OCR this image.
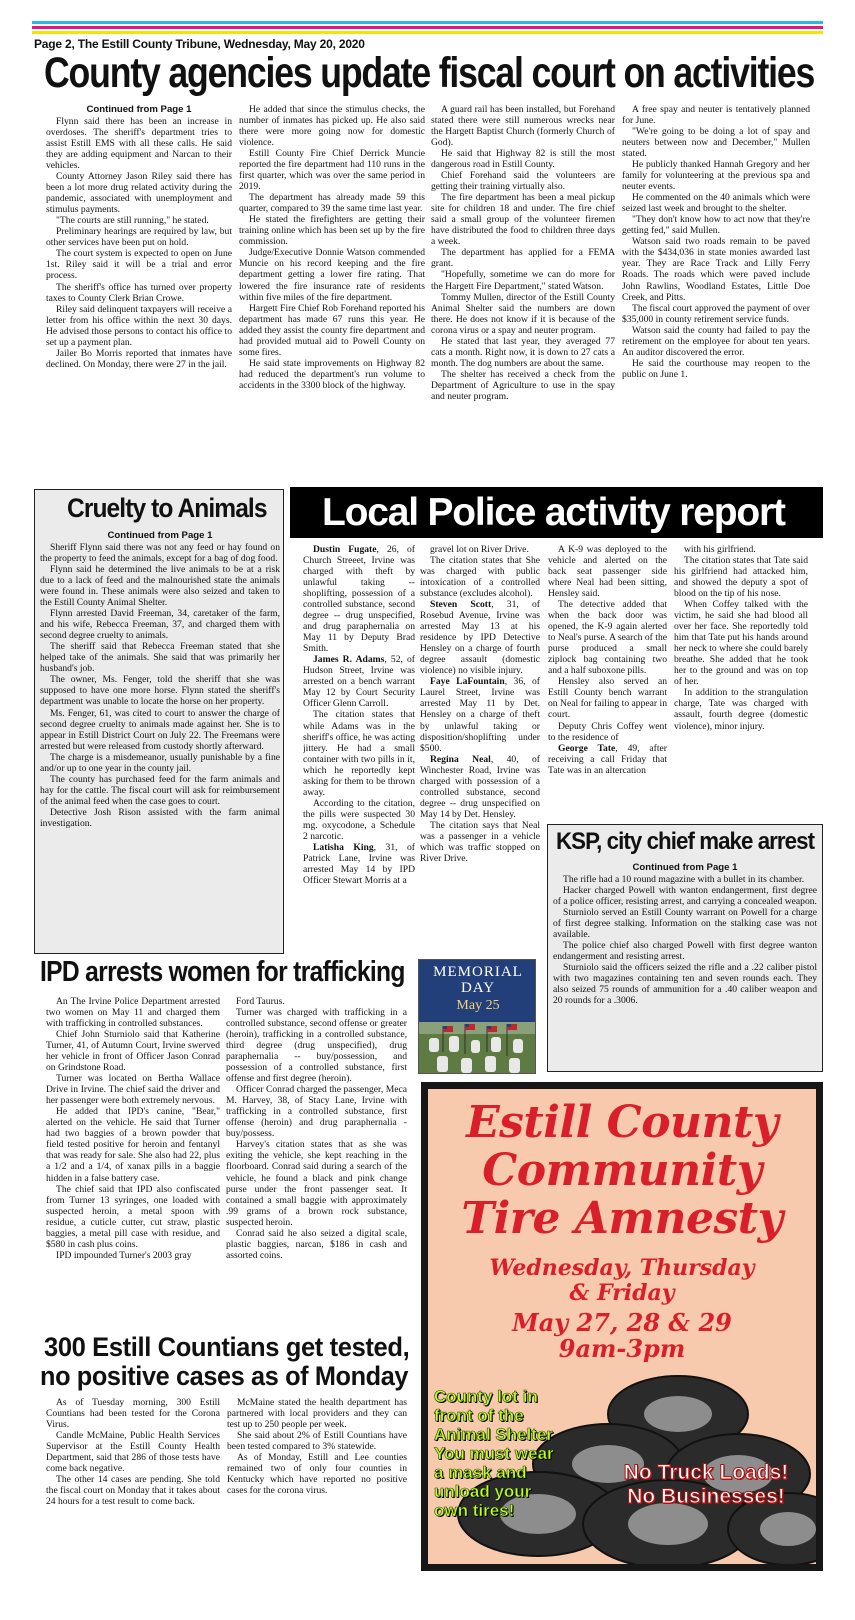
Page 2, The Estill County Tribune, Wednesday, May 20, 2020
County agencies update fiscal court on activities
Continued from Page 1

Flynn said there has been an increase in overdoses. The sheriff's department tries to assist Estill EMS with all these calls. He said they are adding equipment and Narcan to their vehicles.

County Attorney Jason Riley said there has been a lot more drug related activity during the pandemic, associated with unemployment and stimulus payments.

"The courts are still running," he stated.

Preliminary hearings are required by law, but other services have been put on hold.

The court system is expected to open on June 1st. Riley said it will be a trial and error process.

The sheriff's office has turned over property taxes to County Clerk Brian Crowe.

Riley said delinquent taxpayers will receive a letter from his office within the next 30 days. He advised those persons to contact his office to set up a payment plan.

Jailer Bo Morris reported that inmates have declined. On Monday, there were 27 in the jail.

He added that since the stimulus checks, the number of inmates has picked up. He also said there were more going now for domestic violence.

Estill County Fire Chief Derrick Muncie reported the fire department had 110 runs in the first quarter, which was over the same period in 2019.

The department has already made 59 this quarter, compared to 39 the same time last year.

He stated the firefighters are getting their training online which has been set up by the fire commission.

Judge/Executive Donnie Watson commended Muncie on his record keeping and the fire department getting a lower fire rating. That lowered the fire insurance rate of residents within five miles of the fire department.

Hargett Fire Chief Rob Forehand reported his department has made 67 runs this year. He added they assist the county fire department and had provided mutual aid to Powell County on some fires.

He said state improvements on Highway 82 had reduced the department's run volume to accidents in the 3300 block of the highway.

A guard rail has been installed, but Forehand stated there were still numerous wrecks near the Hargett Baptist Church (formerly Church of God).

He said that Highway 82 is still the most dangerous road in Estill County.

Chief Forehand said the volunteers are getting their training virtually also.

The fire department has been a meal pickup site for children 18 and under. The fire chief said a small group of the volunteer firemen have distributed the food to children three days a week.

The department has applied for a FEMA grant.

"Hopefully, sometime we can do more for the Hargett Fire Department," stated Watson.

Tommy Mullen, director of the Estill County Animal Shelter said the numbers are down there. He does not know if it is because of the corona virus or a spay and neuter program.

He stated that last year, they averaged 77 cats a month. Right now, it is down to 27 cats a month. The dog numbers are about the same.

The shelter has received a check from the Department of Agriculture to use in the spay and neuter program.

A free spay and neuter is tentatively planned for June.

"We're going to be doing a lot of spay and neuters between now and December," Mullen stated.

He publicly thanked Hannah Gregory and her family for volunteering at the previous spa and neuter events.

He commented on the 40 animals which were seized last week and brought to the shelter.

"They don't know how to act now that they're getting fed," said Mullen.

Watson said two roads remain to be paved with the $434,036 in state monies awarded last year. They are Race Track and Lilly Ferry Roads. The roads which were paved include John Rawlins, Woodland Estates, Little Doe Creek, and Pitts.

The fiscal court approved the payment of over $35,000 in county retirement service funds.

Watson said the county had failed to pay the retirement on the employee for about ten years. An auditor discovered the error.

He said the courthouse may reopen to the public on June 1.

Cruelty to Animals
Continued from Page 1

Sheriff Flynn said there was not any feed or hay found on the property to feed the animals, except for a bag of dog food.

Flynn said he determined the live animals to be at a risk due to a lack of feed and the malnourished state the animals were found in. These animals were also seized and taken to the Estill County Animal Shelter.

Flynn arrested David Freeman, 34, caretaker of the farm, and his wife, Rebecca Freeman, 37, and charged them with second degree cruelty to animals.

The sheriff said that Rebecca Freeman stated that she helped take of the animals. She said that was primarily her husband's job.

The owner, Ms. Fenger, told the sheriff that she was supposed to have one more horse. Flynn stated the sheriff's department was unable to locate the horse on her property.

Ms. Fenger, 61, was cited to court to answer the charge of second degree cruelty to animals made against her. She is to appear in Estill District Court on July 22. The Freemans were arrested but were released from custody shortly afterward.

The charge is a misdemeanor, usually punishable by a fine and/or up to one year in the county jail.

The county has purchased feed for the farm animals and hay for the cattle. The fiscal court will ask for reimbursement of the animal feed when the case goes to court.

Detective Josh Rison assisted with the farm animal investigation.

Local Police activity report

Dustin Fugate, 26, of Church Streeet, Irvine was charged with theft by unlawful taking -- shoplifting, possession of a controlled substance, second degree -- drug unspecified, and drug paraphernalia on May 11 by Deputy Brad Smith.

James R. Adams, 52, of Hudson Street, Irvine was arrested on a bench warrant May 12 by Court Security Officer Glenn Carroll.

The citation states that while Adams was in the sheriff's office, he was acting jittery. He had a small container with two pills in it, which he reportedly kept asking for them to be thrown away.

According to the citation, the pills were suspected 30 mg. oxycodone, a Schedule 2 narcotic.

Latisha King, 31, of Patrick Lane, Irvine was arrested May 14 by IPD Officer Stewart Morris at a

gravel lot on River Drive.

The citation states that She was charged with public intoxication of a controlled substance (excludes alcohol).

Steven Scott, 31, of Rosebud Avenue, Irvine was arrested May 13 at his residence by IPD Detective Hensley on a charge of fourth degree assault (domestic violence) no visible injury.

Faye LaFountain, 36, of Laurel Street, Irvine was arrested May 11 by Det. Hensley on a charge of theft by unlawful taking or disposition/shoplifting under $500.

Regina Neal, 40, of Winchester Road, Irvine was charged with possession of a controlled substance, second degree -- drug unspecified on May 14 by Det. Hensley.

The citation says that Neal was a passenger in a vehicle which was traffic stopped on River Drive.

A K-9 was deployed to the vehicle and alerted on the back seat passenger side where Neal had been sitting, Hensley said.

The detective added that when the back door was opened, the K-9 again alerted to Neal's purse. A search of the purse produced a small ziplock bag containing two and a half suboxone pills.

Hensley also served an Estill County bench warrant on Neal for failing to appear in court.

Deputy Chris Coffey went to the residence of

George Tate, 49, after receiving a call Friday that Tate was in an altercation

with his girlfriend.

The citation states that Tate said his girlfriend had attacked him, and showed the deputy a spot of blood on the tip of his nose.

When Coffey talked with the victim, he said she had blood all over her face. She reportedly told him that Tate put his hands around her neck to where she could barely breathe. She added that he took her to the ground and was on top of her.

In addition to the strangulation charge, Tate was charged with assault, fourth degree (domestic violence), minor injury.

KSP, city chief make arrest
Continued from Page 1

The rifle had a 10 round magazine with a bullet in its chamber.

Hacker charged Powell with wanton endangerment, first degree of a police officer, resisting arrest, and carrying a concealed weapon.

Sturniolo served an Estill County warrant on Powell for a charge of first degree stalking. Information on the stalking case was not available.

The police chief also charged Powell with first degree wanton endangerment and resisting arrest.

Sturniolo said the officers seized the rifle and a .22 caliber pistol with two magazines containing ten and seven rounds each. They also seized 75 rounds of ammunition for a .40 caliber weapon and 20 rounds for a .3006.

MEMORIAL
DAY
May 25
IPD arrests women for trafficking

An The Irvine Police Department arrested two women on May 11 and charged them with trafficking in controlled substances.

Chief John Sturniolo said that Katherine Turner, 41, of Autumn Court, Irvine swerved her vehicle in front of Officer Jason Conrad on Grindstone Road.

Turner was located on Bertha Wallace Drive in Irvine. The chief said the driver and her passenger were both extremely nervous.

He added that IPD's canine, "Bear," alerted on the vehicle. He said that Turner had two baggies of a brown powder that field tested positive for heroin and fentanyl that was ready for sale. She also had 22, plus a 1/2 and a 1/4, of xanax pills in a baggie hidden in a false battery case.

The chief said that IPD also confiscated from Turner 13 syringes, one loaded with suspected heroin, a metal spoon with residue, a cuticle cutter, cut straw, plastic baggies, a metal pill case with residue, and $580 in cash plus coins.

IPD impounded Turner's 2003 gray

Ford Taurus.

Turner was charged with trafficking in a controlled substance, second offense or greater (heroin), trafficking in a controlled substance, third degree (drug unspecified), drug paraphernalia -- buy/possession, and possession of a controlled substance, first offense and first degree (heroin).

Officer Conrad charged the passenger, Meca M. Harvey, 38, of Stacy Lane, Irvine with trafficking in a controlled substance, first offense (heroin) and drug paraphernalia - buy/possess.

Harvey's citation states that as she was exiting the vehicle, she kept reaching in the floorboard. Conrad said during a search of the vehicle, he found a black and pink change purse under the front passenger seat. It contained a small baggie with approximately .99 grams of a brown rock substance, suspected heroin.

Conrad said he also seized a digital scale, plastic baggies, narcan, $186 in cash and assorted coins.

300 Estill Countians get tested,
no positive cases as of Monday

As of Tuesday morning, 300 Estill Countians had been tested for the Corona Virus.

Candle McMaine, Public Health Services Supervisor at the Estill County Health Department, said that 286 of those tests have come back negative.

The other 14 cases are pending. She told the fiscal court on Monday that it takes about 24 hours for a test result to come back.

McMaine stated the health department has partnered with local providers and they can test up to 250 people per week.

She said about 2% of Estill Countians have been tested compared to 3% statewide.

As of Monday, Estill and Lee counties remained two of only four counties in Kentucky which have reported no positive cases for the corona virus.

Estill County
Community
Tire Amnesty
Wednesday, Thursday
& Friday
May 27, 28 & 29
9am-3pm
County lot in
front of the
Animal Shelter
You must wear
a mask and
unload your
own tires!
No Truck Loads!
No Businesses!
